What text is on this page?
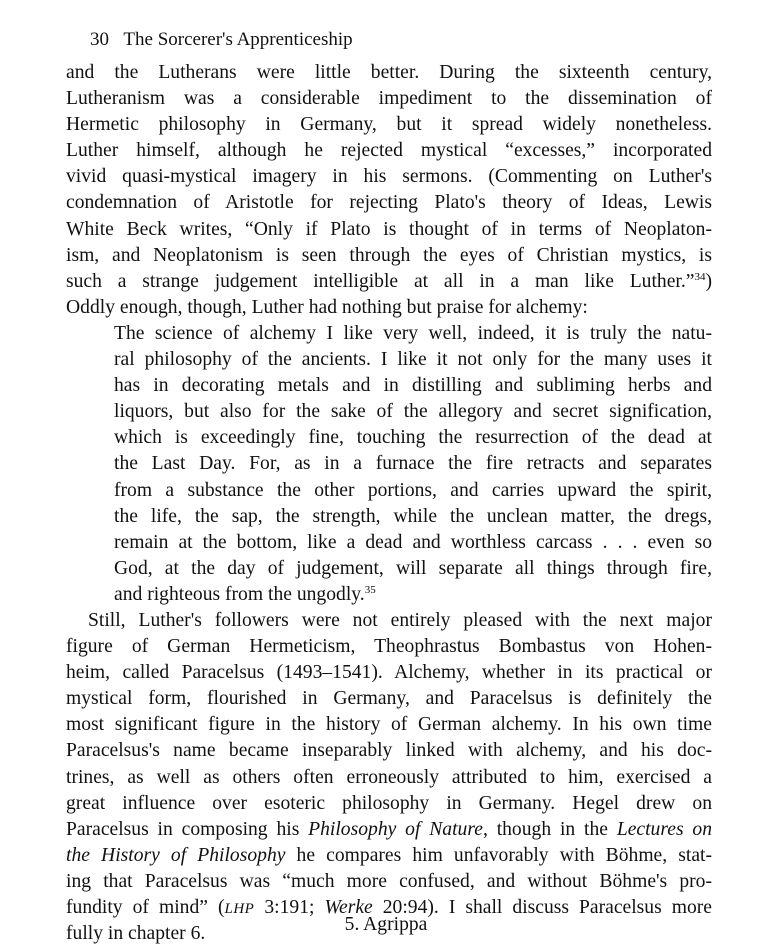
30 The Sorcerer's Apprenticeship
and the Lutherans were little better. During the sixteenth century,
Lutheranism was a considerable impediment to the dissemination of
Hermetic philosophy in Germany, but it spread widely nonetheless.
Luther himself, although he rejected mystical “excesses,” incorporated
vivid quasi-mystical imagery in his sermons. (Commenting on Luther's
condemnation of Aristotle for rejecting Plato's theory of Ideas, Lewis
White Beck writes, “Only if Plato is thought of in terms of Neoplaton-
ism, and Neoplatonism is seen through the eyes of Christian mystics, is
such a strange judgement intelligible at all in a man like Luther.”$^{34}$)
Oddly enough, though, Luther had nothing but praise for alchemy:
The science of alchemy I like very well, indeed, it is truly the natu-
ral philosophy of the ancients. I like it not only for the many uses it
has in decorating metals and in distilling and subliming herbs and
liquors, but also for the sake of the allegory and secret signification,
which is exceedingly fine, touching the resurrection of the dead at
the Last Day. For, as in a furnace the fire retracts and separates
from a substance the other portions, and carries upward the spirit,
the life, the sap, the strength, while the unclean matter, the dregs,
remain at the bottom, like a dead and worthless carcass . . . even so
God, at the day of judgement, will separate all things through fire,
and righteous from the ungodly.$^{35}$
Still, Luther's followers were not entirely pleased with the next major
figure of German Hermeticism, Theophrastus Bombastus von Hohen-
heim, called Paracelsus (1493–1541). Alchemy, whether in its practical or
mystical form, flourished in Germany, and Paracelsus is definitely the
most significant figure in the history of German alchemy. In his own time
Paracelsus's name became inseparably linked with alchemy, and his doc-
trines, as well as others often erroneously attributed to him, exercised a
great influence over esoteric philosophy in Germany. Hegel drew on
Paracelsus in composing his Philosophy of Nature, though in the Lectures on
the History of Philosophy he compares him unfavorably with Böhme, stat-
ing that Paracelsus was “much more confused, and without Böhme's pro-
fundity of mind” (LHP 3:191; Werke 20:94). I shall discuss Paracelsus more
fully in chapter 6.	5. Agrippa
